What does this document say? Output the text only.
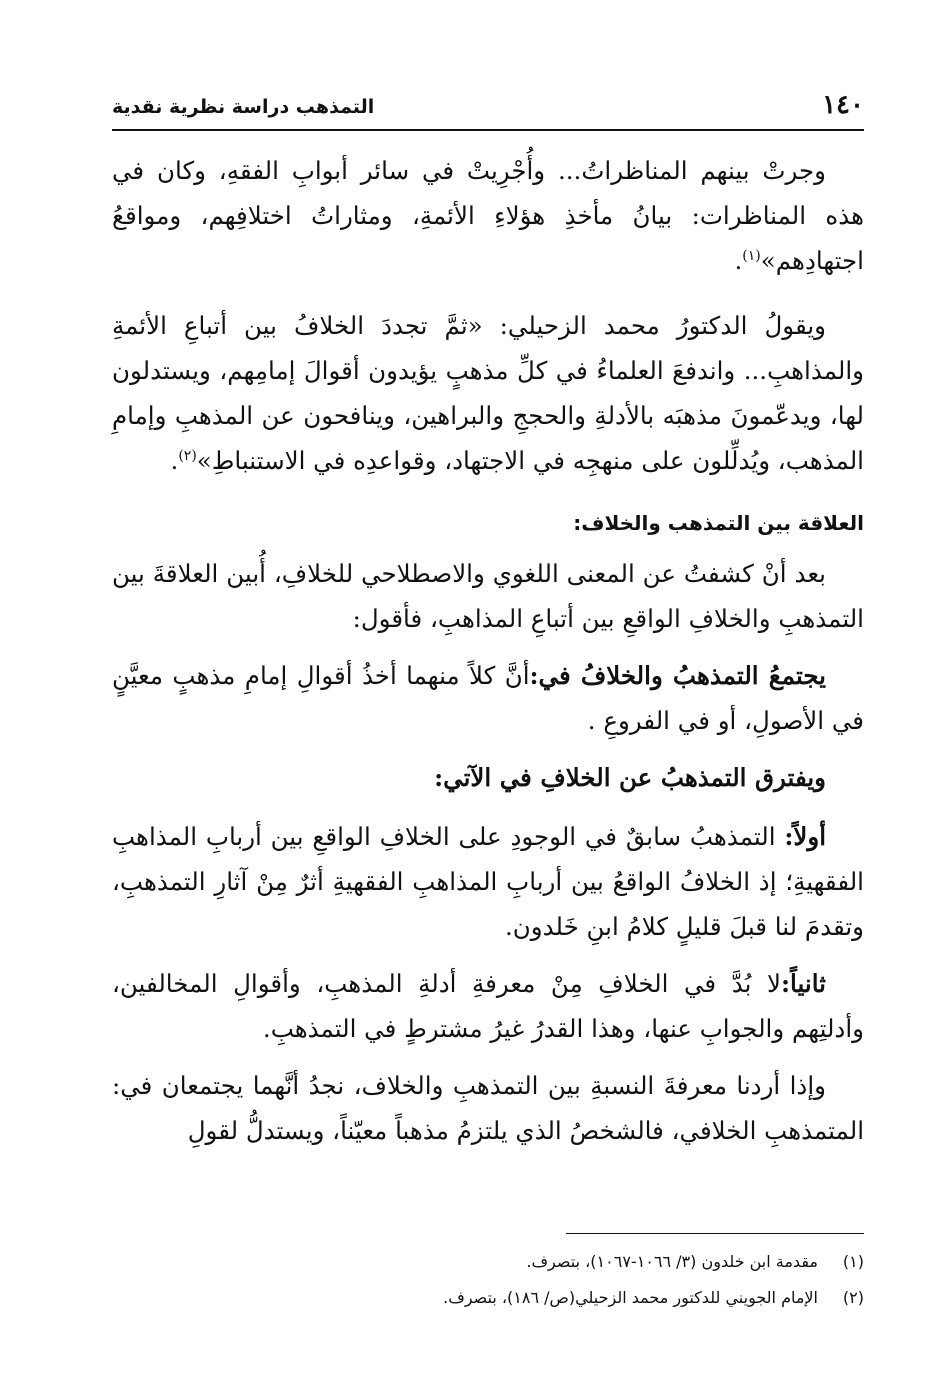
١٤٠
التمذهب دراسة نظرية نقدية

وجرتْ بينهم المناظراتُ... وأُجْرِيتْ في سائر أبوابِ الفقهِ، وكان في هذه المناظرات: بيانُ مأخذِ هؤلاءِ الأئمةِ، ومثاراتُ اختلافِهم، ومواقعُ اجتهادِهم»$^{(١)}$.

ويقولُ الدكتورُ محمد الزحيلي: «ثمَّ تجددَ الخلافُ بين أتباعِ الأئمةِ والمذاهبِ... واندفعَ العلماءُ في كلِّ مذهبٍ يؤيدون أقوالَ إمامِهم، ويستدلون لها، ويدعّمونَ مذهبَه بالأدلةِ والحججِ والبراهين، وينافحون عن المذهبِ وإمامِ المذهب، ويُدلِّلون على منهجِه في الاجتهاد، وقواعدِه في الاستنباطِ»$^{(٢)}$.

العلاقة بين التمذهب والخلاف:

بعد أنْ كشفتُ عن المعنى اللغوي والاصطلاحي للخلافِ، أُبين العلاقةَ بين التمذهبِ والخلافِ الواقعِ بين أتباعِ المذاهبِ، فأقول:

يجتمعُ التمذهبُ والخلافُ في:أنَّ كلاً منهما أخذُ أقوالِ إمامِ مذهبٍ معيَّنٍ في الأصولِ، أو في الفروعِ .

ويفترق التمذهبُ عن الخلافِ في الآتي:

أولاً: التمذهبُ سابقٌ في الوجودِ على الخلافِ الواقعِ بين أربابِ المذاهبِ الفقهيةِ؛ إذ الخلافُ الواقعُ بين أربابِ المذاهبِ الفقهيةِ أثرٌ مِنْ آثارِ التمذهبِ، وتقدمَ لنا قبلَ قليلٍ كلامُ ابنِ خَلدون.

ثانياً:لا بُدَّ في الخلافِ مِنْ معرفةِ أدلةِ المذهبِ، وأقوالِ المخالفين، وأدلتِهم والجوابِ عنها، وهذا القدرُ غيرُ مشترطٍ في التمذهبِ.

وإذا أردنا معرفةَ النسبةِ بين التمذهبِ والخلاف، نجدُ أنَّهما يجتمعان في: المتمذهبِ الخلافي، فالشخصُ الذي يلتزمُ مذهباً معيّناً، ويستدلُّ لقولِ

(١)
مقدمة ابن خلدون (٣/ ١٠٦٦-١٠٦٧)، بتصرف.
(٢)
الإمام الجويني للدكتور محمد الزحيلي(ص/ ١٨٦)، بتصرف.
